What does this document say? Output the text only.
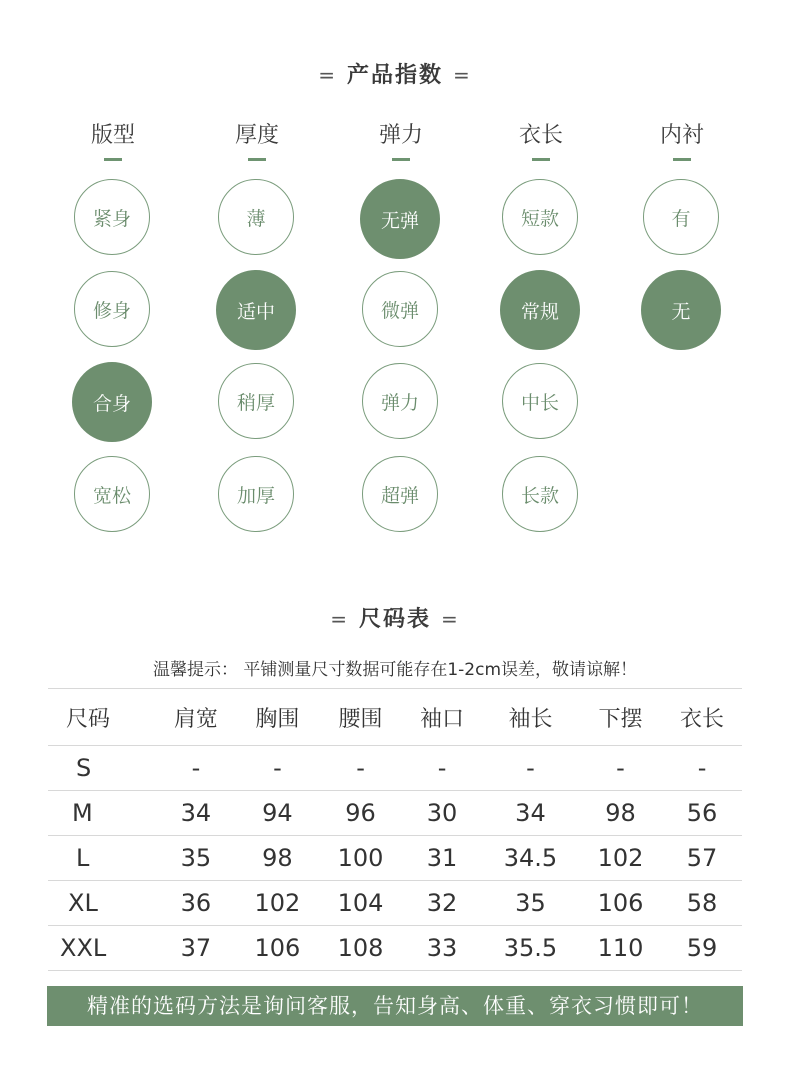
= 产品指数 =
版型
紧身
修身
合身
宽松
厚度
薄
适中
稍厚
加厚
弹力
无弹
微弹
弹力
超弹
衣长
短款
常规
中长
长款
内衬
有
无
= 尺码表 =
温馨提示： 平铺测量尺寸数据可能存在1-2cm误差，敬请谅解！
尺码	肩宽	胸围	腰围	袖口	袖长	下摆	衣长
S	-	-	-	-	-	-	-
M	34	94	96	30	34	98	56
L	35	98	100	31	34.5	102	57
XL	36	102	104	32	35	106	58
XXL	37	106	108	33	35.5	110	59
精准的选码方法是询问客服，告知身高、体重、穿衣习惯即可！
